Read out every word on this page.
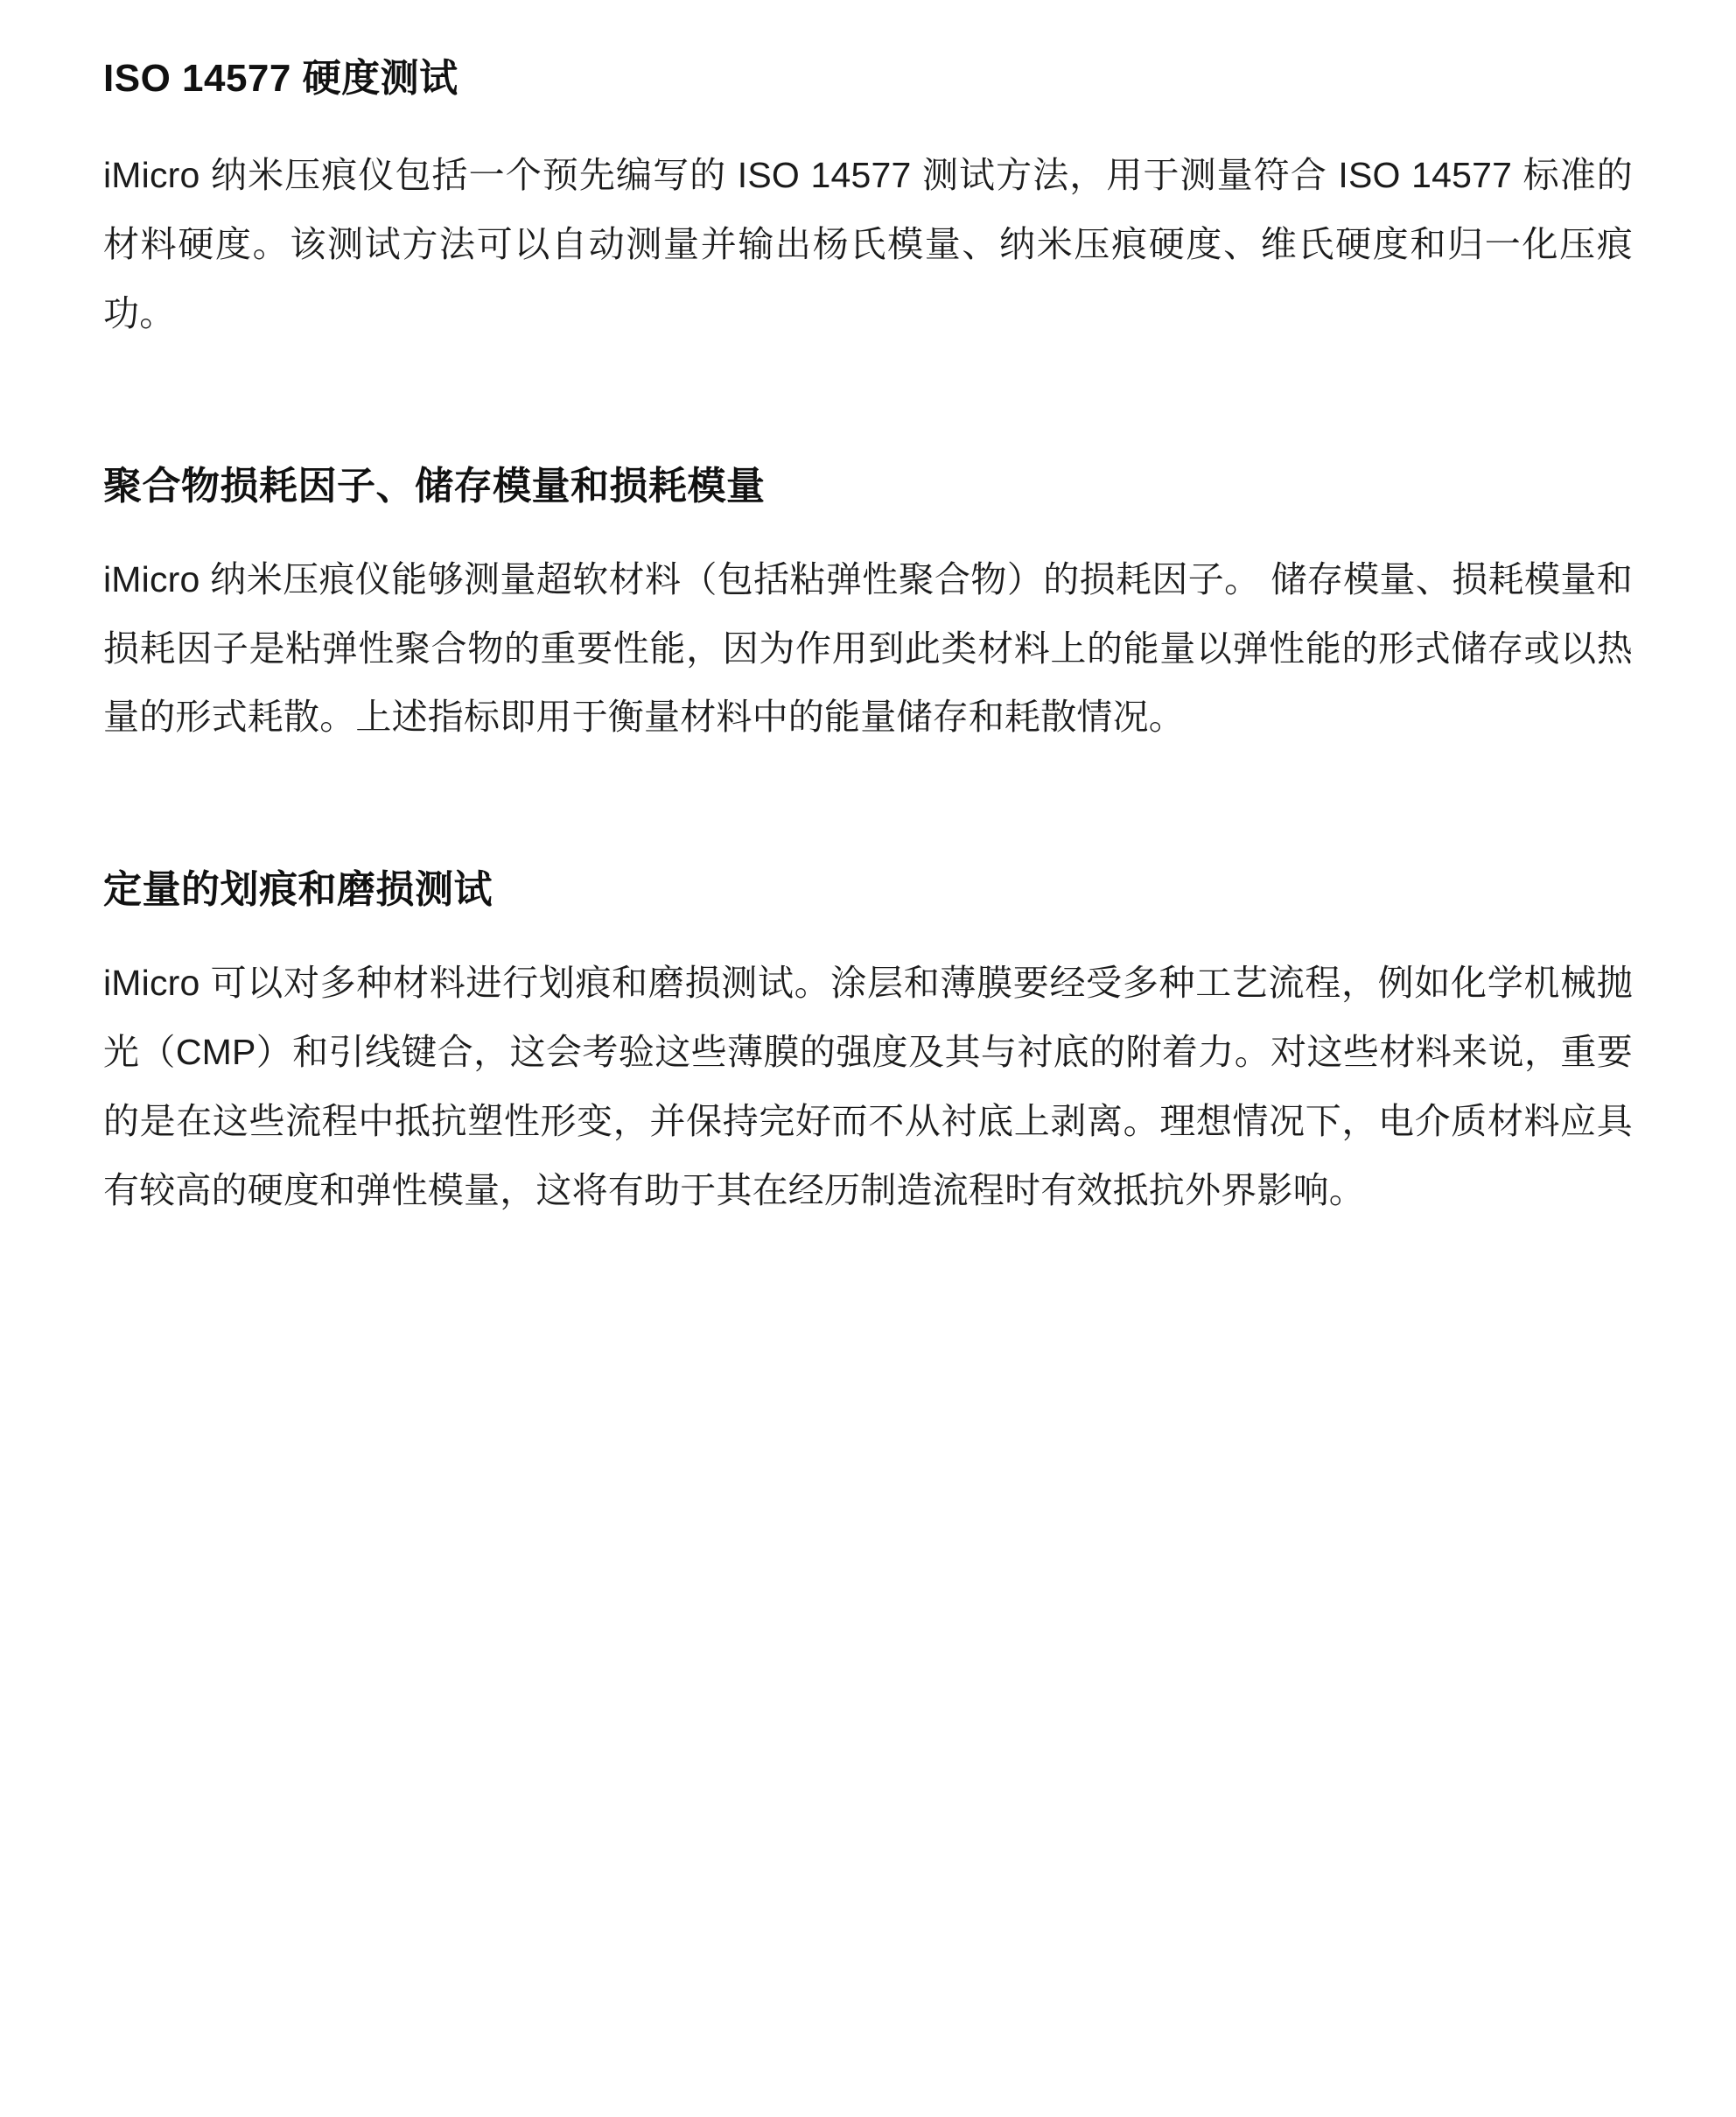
ISO 14577 硬度测试

iMicro 纳米压痕仪包括一个预先编写的 ISO 14577 测试方法，用于测量符合 ISO 14577 标准的材料硬度。该测试方法可以自动测量并输出杨氏模量、纳米压痕硬度、维氏硬度和归一化压痕功。

聚合物损耗因子、储存模量和损耗模量

iMicro 纳米压痕仪能够测量超软材料（包括粘弹性聚合物）的损耗因子。 储存模量、损耗模量和损耗因子是粘弹性聚合物的重要性能，因为作用到此类材料上的能量以弹性能的形式储存或以热量的形式耗散。上述指标即用于衡量材料中的能量储存和耗散情况。

定量的划痕和磨损测试

iMicro 可以对多种材料进行划痕和磨损测试。涂层和薄膜要经受多种工艺流程，例如化学机械抛光（CMP）和引线键合，这会考验这些薄膜的强度及其与衬底的附着力。对这些材料来说，重要的是在这些流程中抵抗塑性形变，并保持完好而不从衬底上剥离。理想情况下，电介质材料应具有较高的硬度和弹性模量，这将有助于其在经历制造流程时有效抵抗外界影响。
